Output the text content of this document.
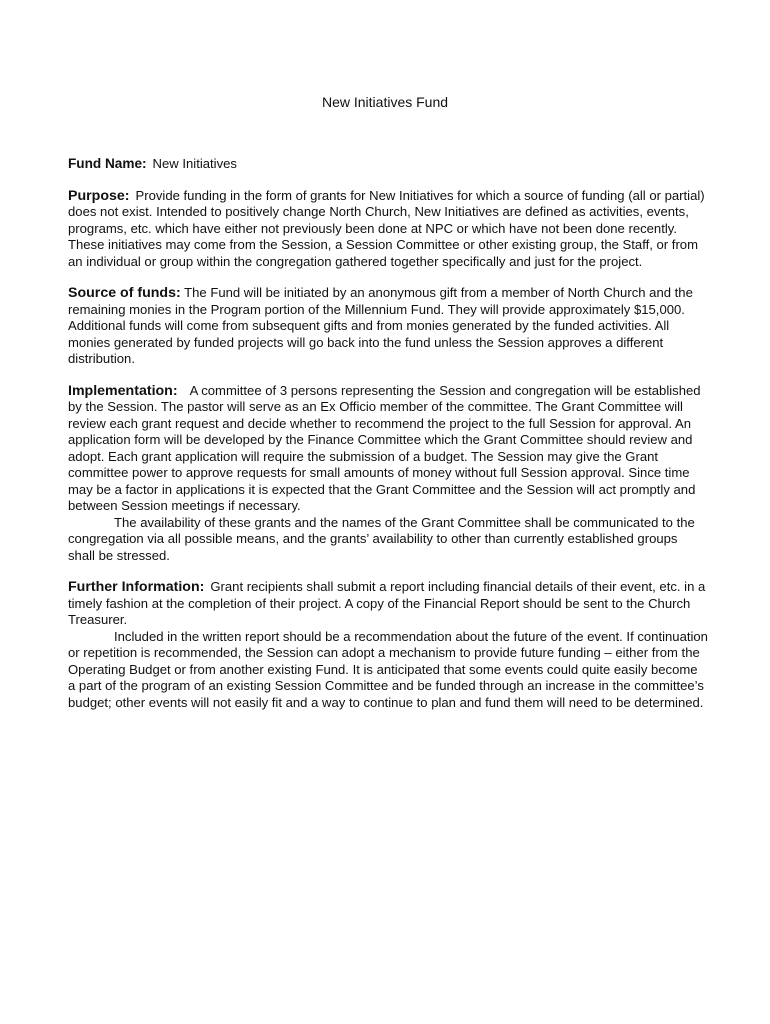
New Initiatives Fund

Fund Name: New Initiatives

Purpose: Provide funding in the form of grants for New Initiatives for which a source of funding (all or partial) does not exist. Intended to positively change North Church, New Initiatives are defined as activities, events, programs, etc. which have either not previously been done at NPC or which have not been done recently. These initiatives may come from the Session, a Session Committee or other existing group, the Staff, or from an individual or group within the congregation gathered together specifically and just for the project.

Source of funds: The Fund will be initiated by an anonymous gift from a member of North Church and the remaining monies in the Program portion of the Millennium Fund. They will provide approximately $15,000. Additional funds will come from subsequent gifts and from monies generated by the funded activities. All monies generated by funded projects will go back into the fund unless the Session approves a different distribution.

Implementation: A committee of 3 persons representing the Session and congregation will be established by the Session. The pastor will serve as an Ex Officio member of the committee. The Grant Committee will review each grant request and decide whether to recommend the project to the full Session for approval. An application form will be developed by the Finance Committee which the Grant Committee should review and adopt. Each grant application will require the submission of a budget. The Session may give the Grant committee power to approve requests for small amounts of money without full Session approval. Since time may be a factor in applications it is expected that the Grant Committee and the Session will act promptly and between Session meetings if necessary.
The availability of these grants and the names of the Grant Committee shall be communicated to the congregation via all possible means, and the grants’ availability to other than currently established groups shall be stressed.
Further Information: Grant recipients shall submit a report including financial details of their event, etc. in a timely fashion at the completion of their project. A copy of the Financial Report should be sent to the Church Treasurer.
Included in the written report should be a recommendation about the future of the event. If continuation or repetition is recommended, the Session can adopt a mechanism to provide future funding – either from the Operating Budget or from another existing Fund. It is anticipated that some events could quite easily become a part of the program of an existing Session Committee and be funded through an increase in the committee’s budget; other events will not easily fit and a way to continue to plan and fund them will need to be determined.
